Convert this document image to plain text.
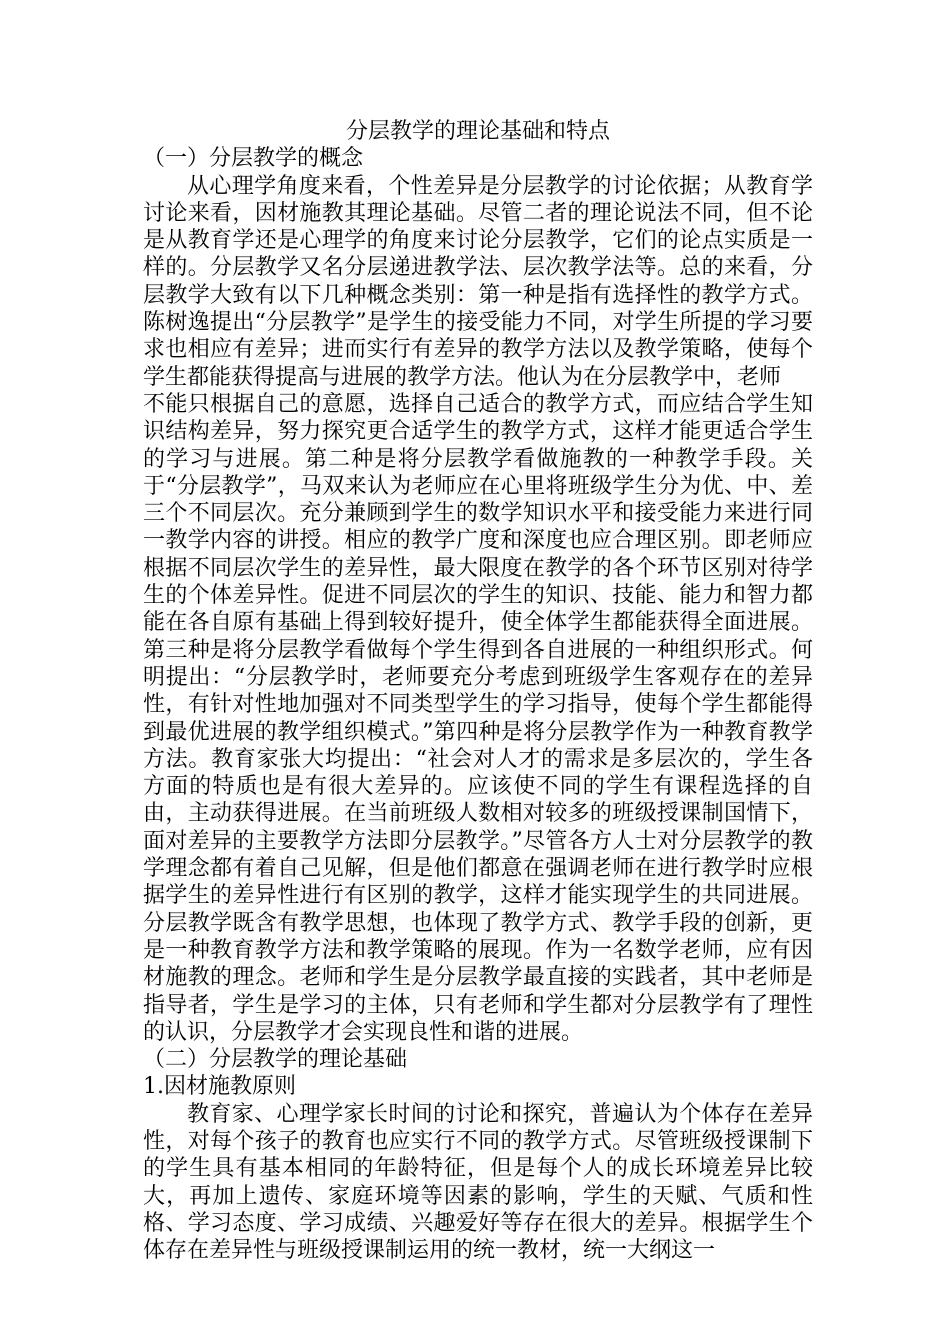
分层教学的理论基础和特点

（一）分层教学的概念

从心理学角度来看，个性差异是分层教学的讨论依据；从教育学讨论来看，因材施教其理论基础。尽管二者的理论说法不同，但不论是从教育学还是心理学的角度来讨论分层教学，它们的论点实质是一样的。分层教学又名分层递进教学法、层次教学法等。总的来看，分层教学大致有以下几种概念类别：第一种是指有选择性的教学方式。陈树逸提出“分层教学”是学生的接受能力不同，对学生所提的学习要求也相应有差异；进而实行有差异的教学方法以及教学策略，使每个学生都能获得提高与进展的教学方法。他认为在分层教学中，老师

不能只根据自己的意愿，选择自己适合的教学方式，而应结合学生知识结构差异，努力探究更合适学生的教学方式，这样才能更适合学生的学习与进展。第二种是将分层教学看做施教的一种教学手段。关于“分层教学”，马双来认为老师应在心里将班级学生分为优、中、差三个不同层次。充分兼顾到学生的数学知识水平和接受能力来进行同一教学内容的讲授。相应的教学广度和深度也应合理区别。即老师应根据不同层次学生的差异性，最大限度在教学的各个环节区别对待学生的个体差异性。促进不同层次的学生的知识、技能、能力和智力都能在各自原有基础上得到较好提升，使全体学生都能获得全面进展。第三种是将分层教学看做每个学生得到各自进展的一种组织形式。何明提出：“分层教学时，老师要充分考虑到班级学生客观存在的差异性，有针对性地加强对不同类型学生的学习指导，使每个学生都能得到最优进展的教学组织模式。”第四种是将分层教学作为一种教育教学方法。教育家张大均提出：“社会对人才的需求是多层次的，学生各方面的特质也是有很大差异的。应该使不同的学生有课程选择的自由，主动获得进展。在当前班级人数相对较多的班级授课制国情下，面对差异的主要教学方法即分层教学。”尽管各方人士对分层教学的教学理念都有着自己见解，但是他们都意在强调老师在进行教学时应根据学生的差异性进行有区别的教学，这样才能实现学生的共同进展。分层教学既含有教学思想，也体现了教学方式、教学手段的创新，更是一种教育教学方法和教学策略的展现。作为一名数学老师，应有因材施教的理念。老师和学生是分层教学最直接的实践者，其中老师是指导者，学生是学习的主体，只有老师和学生都对分层教学有了理性的认识，分层教学才会实现良性和谐的进展。

（二）分层教学的理论基础

1.因材施教原则

教育家、心理学家长时间的讨论和探究，普遍认为个体存在差异性，对每个孩子的教育也应实行不同的教学方式。尽管班级授课制下的学生具有基本相同的年龄特征，但是每个人的成长环境差异比较大，再加上遗传、家庭环境等因素的影响，学生的天赋、气质和性格、学习态度、学习成绩、兴趣爱好等存在很大的差异。根据学生个体存在差异性与班级授课制运用的统一教材，统一大纲这一
